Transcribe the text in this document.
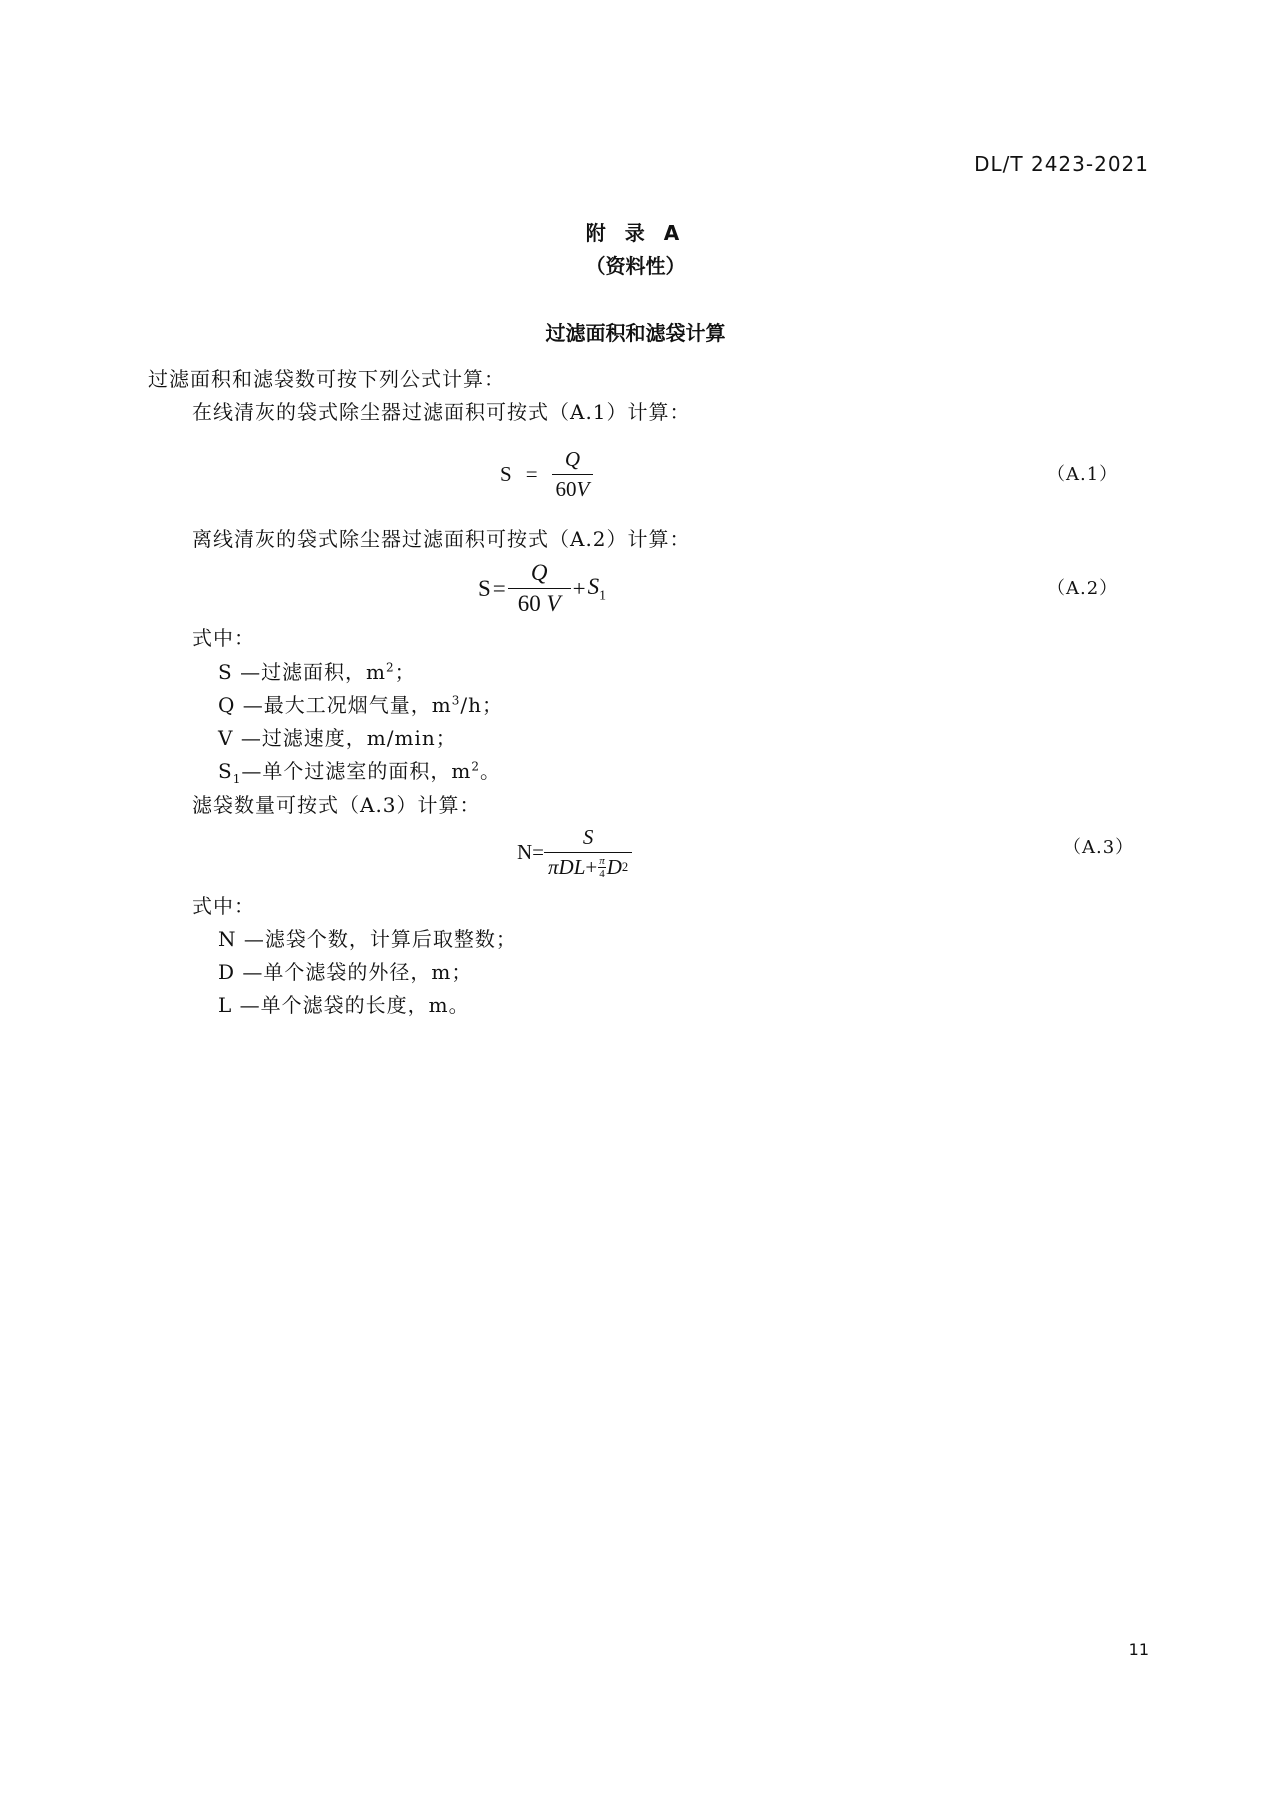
DL/T 2423-2021
附 录 A
（资料性）
过滤面积和滤袋计算
过滤面积和滤袋数可按下列公式计算：
在线清灰的袋式除尘器过滤面积可按式（A.1）计算：
$S = \frac{Q}{60V}$	（A.1）
离线清灰的袋式除尘器过滤面积可按式（A.2）计算：
$S = \frac{Q}{60 V} + S_1$	（A.2）
式中：
S —过滤面积，$m^2$；
Q —最大工况烟气量，$m^3/h$；
V —过滤速度，m/min；
$S_1—$单个过滤室的面积，$m^2$。
滤袋数量可按式（A.3）计算：
$N = \frac{S}{\pi DL + \frac{\pi}{4} D 2}$	（A.3）
式中：
N —滤袋个数，计算后取整数；
D —单个滤袋的外径，m；
L —单个滤袋的长度，m。
11
